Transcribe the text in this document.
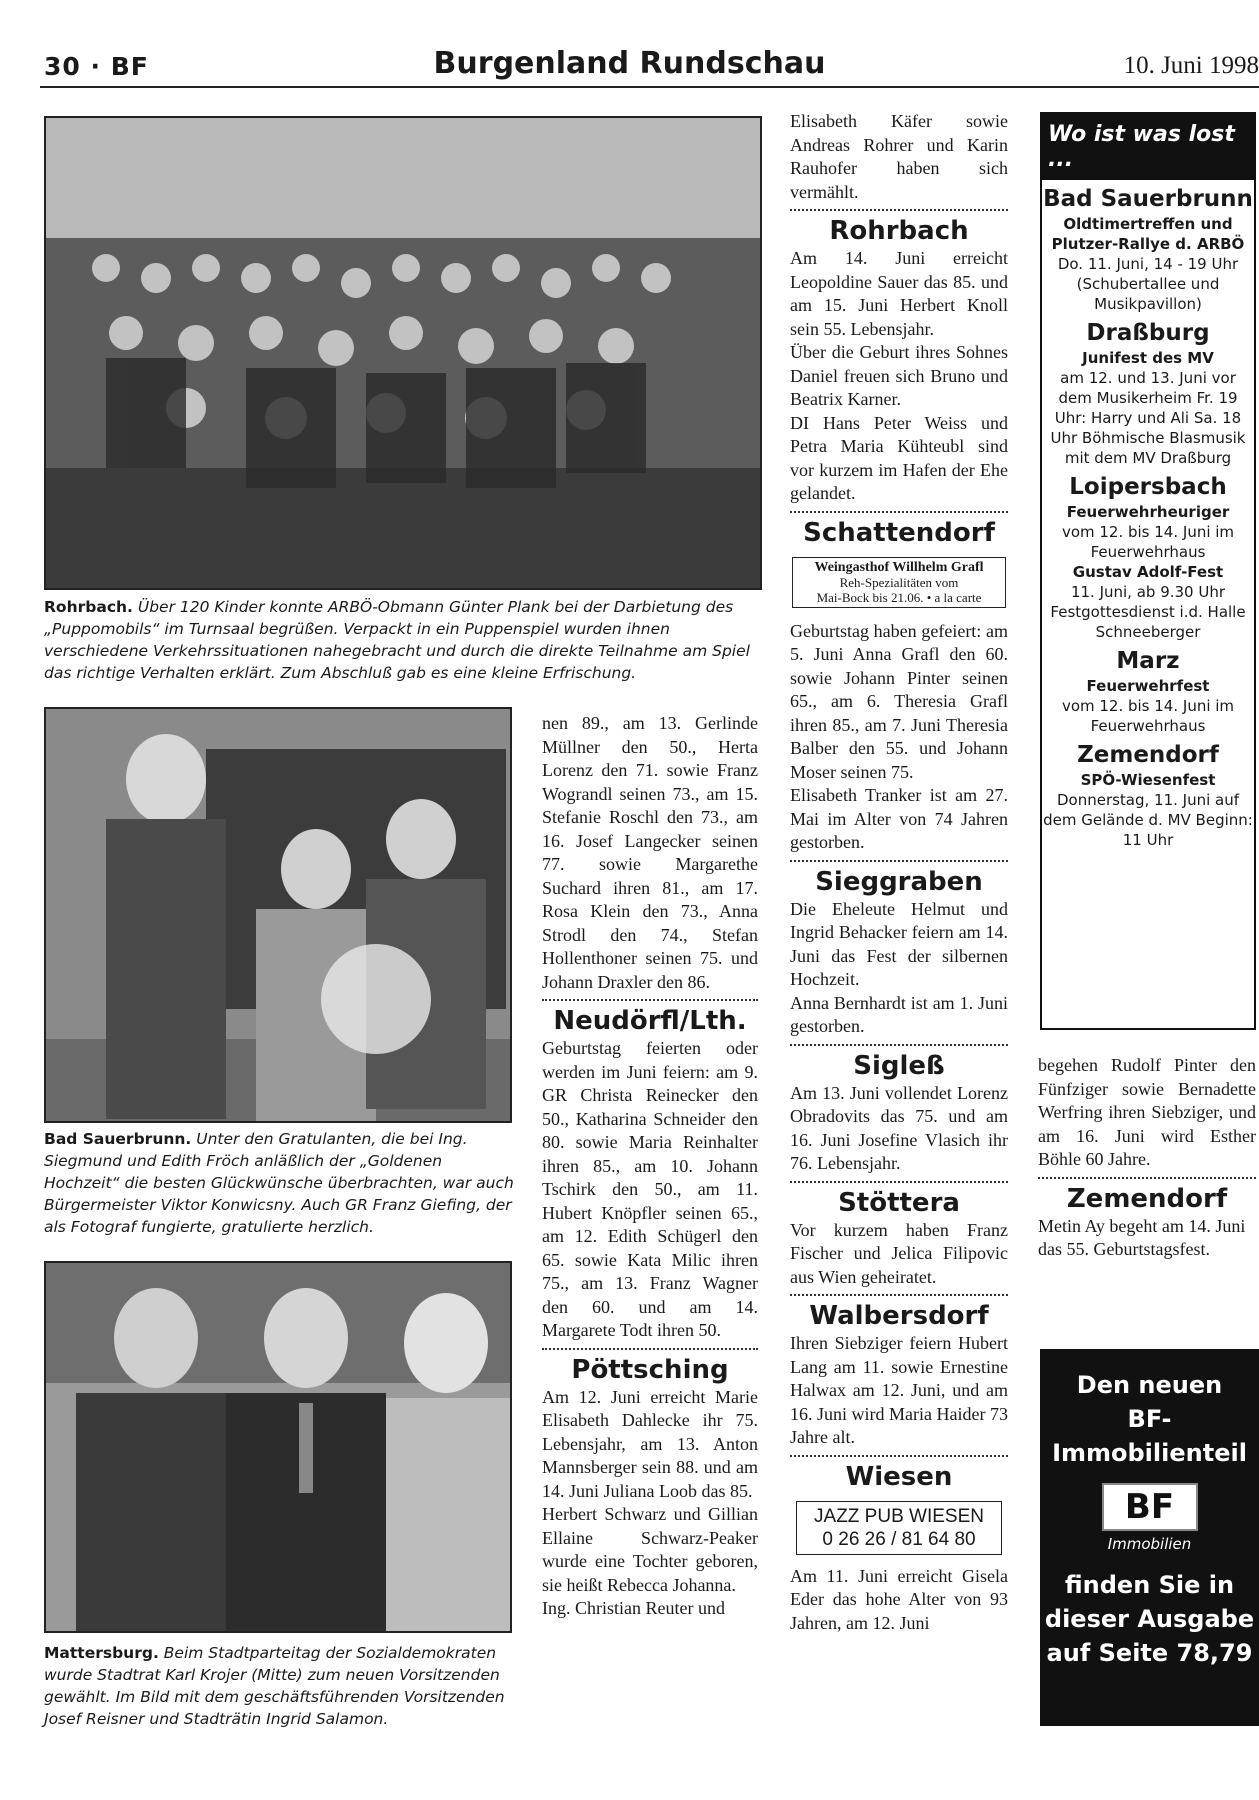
30 · BF	Burgenland Rundschau	10. Juni 1998
Rohrbach. Über 120 Kinder konnte ARBÖ-Obmann Günter Plank bei der Darbietung des „Puppomobils“ im Turnsaal begrüßen. Verpackt in ein Puppenspiel wurden ihnen verschiedene Verkehrssituationen nahegebracht und durch die direkte Teilnahme am Spiel das richtige Verhalten erklärt. Zum Abschluß gab es eine kleine Erfrischung.
Bad Sauerbrunn. Unter den Gratulanten, die bei Ing. Siegmund und Edith Fröch anläßlich der „Goldenen Hochzeit“ die besten Glückwünsche überbrachten, war auch Bürgermeister Viktor Konwicsny. Auch GR Franz Giefing, der als Fotograf fungierte, gratulierte herzlich.
Mattersburg. Beim Stadtparteitag der Sozialdemokraten wurde Stadtrat Karl Krojer (Mitte) zum neuen Vorsitzenden gewählt. Im Bild mit dem geschäftsführenden Vorsitzenden Josef Reisner und Stadträtin Ingrid Salamon.

nen 89., am 13. Gerlinde Müllner den 50., Herta Lorenz den 71. sowie Franz Wograndl seinen 73., am 15. Stefanie Roschl den 73., am 16. Josef Langecker seinen 77. sowie Margarethe Suchard ihren 81., am 17. Rosa Klein den 73., Anna Strodl den 74., Stefan Hollenthoner seinen 75. und Johann Draxler den 86.

Neudörfl/Lth.

Geburtstag feierten oder werden im Juni feiern: am 9. GR Christa Reinecker den 50., Katharina Schneider den 80. sowie Maria Reinhalter ihren 85., am 10. Johann Tschirk den 50., am 11. Hubert Knöpfler seinen 65., am 12. Edith Schügerl den 65. sowie Kata Milic ihren 75., am 13. Franz Wagner den 60. und am 14. Margarete Todt ihren 50.

Pöttsching

Am 12. Juni erreicht Marie Elisabeth Dahlecke ihr 75. Lebensjahr, am 13. Anton Mannsberger sein 88. und am 14. Juni Juliana Loob das 85.

Herbert Schwarz und Gillian Ellaine Schwarz-Peaker wurde eine Tochter geboren, sie heißt Rebecca Johanna.

Ing. Christian Reuter und

Elisabeth Käfer sowie Andreas Rohrer und Karin Rauhofer haben sich vermählt.

Rohrbach

Am 14. Juni erreicht Leopoldine Sauer das 85. und am 15. Juni Herbert Knoll sein 55. Lebensjahr.

Über die Geburt ihres Sohnes Daniel freuen sich Bruno und Beatrix Karner.

DI Hans Peter Weiss und Petra Maria Kühteubl sind vor kurzem im Hafen der Ehe gelandet.

Schattendorf
Weingasthof Willhelm Grafl
Reh-Spezialitäten vom
Mai-Bock bis 21.06. • a la carte

Geburtstag haben gefeiert: am 5. Juni Anna Grafl den 60. sowie Johann Pinter seinen 65., am 6. Theresia Grafl ihren 85., am 7. Juni Theresia Balber den 55. und Johann Moser seinen 75.

Elisabeth Tranker ist am 27. Mai im Alter von 74 Jahren gestorben.

Sieggraben

Die Eheleute Helmut und Ingrid Behacker feiern am 14. Juni das Fest der silbernen Hochzeit.

Anna Bernhardt ist am 1. Juni gestorben.

Sigleß

Am 13. Juni vollendet Lorenz Obradovits das 75. und am 16. Juni Josefine Vlasich ihr 76. Lebensjahr.

Stöttera

Vor kurzem haben Franz Fischer und Jelica Filipovic aus Wien geheiratet.

Walbersdorf

Ihren Siebziger feiern Hubert Lang am 11. sowie Ernestine Halwax am 12. Juni, und am 16. Juni wird Maria Haider 73 Jahre alt.

Wiesen
JAZZ PUB WIESEN
0 26 26 / 81 64 80

Am 11. Juni erreicht Gisela Eder das hohe Alter von 93 Jahren, am 12. Juni

Wo ist was lost ...
Bad Sauerbrunn
Oldtimertreffen und Plutzer-Rallye d. ARBÖ
Do. 11. Juni, 14 - 19 Uhr (Schubertallee und Musikpavillon)
Draßburg
Junifest des MV
am 12. und 13. Juni vor dem Musikerheim Fr. 19 Uhr: Harry und Ali Sa. 18 Uhr Böhmische Blasmusik mit dem MV Draßburg
Loipersbach
Feuerwehrheuriger
vom 12. bis 14. Juni im Feuerwehrhaus
Gustav Adolf-Fest
11. Juni, ab 9.30 Uhr Festgottesdienst i.d. Halle Schneeberger
Marz
Feuerwehrfest
vom 12. bis 14. Juni im Feuerwehrhaus
Zemendorf
SPÖ-Wiesenfest
Donnerstag, 11. Juni auf dem Gelände d. MV Beginn: 11 Uhr

begehen Rudolf Pinter den Fünfziger sowie Bernadette Werfring ihren Siebziger, und am 16. Juni wird Esther Böhle 60 Jahre.

Zemendorf

Metin Ay begeht am 14. Juni das 55. Geburtstagsfest.

Den neuen
BF-
Immobilienteil
BF
Immobilien
finden Sie in
dieser Ausgabe
auf Seite 78,79
